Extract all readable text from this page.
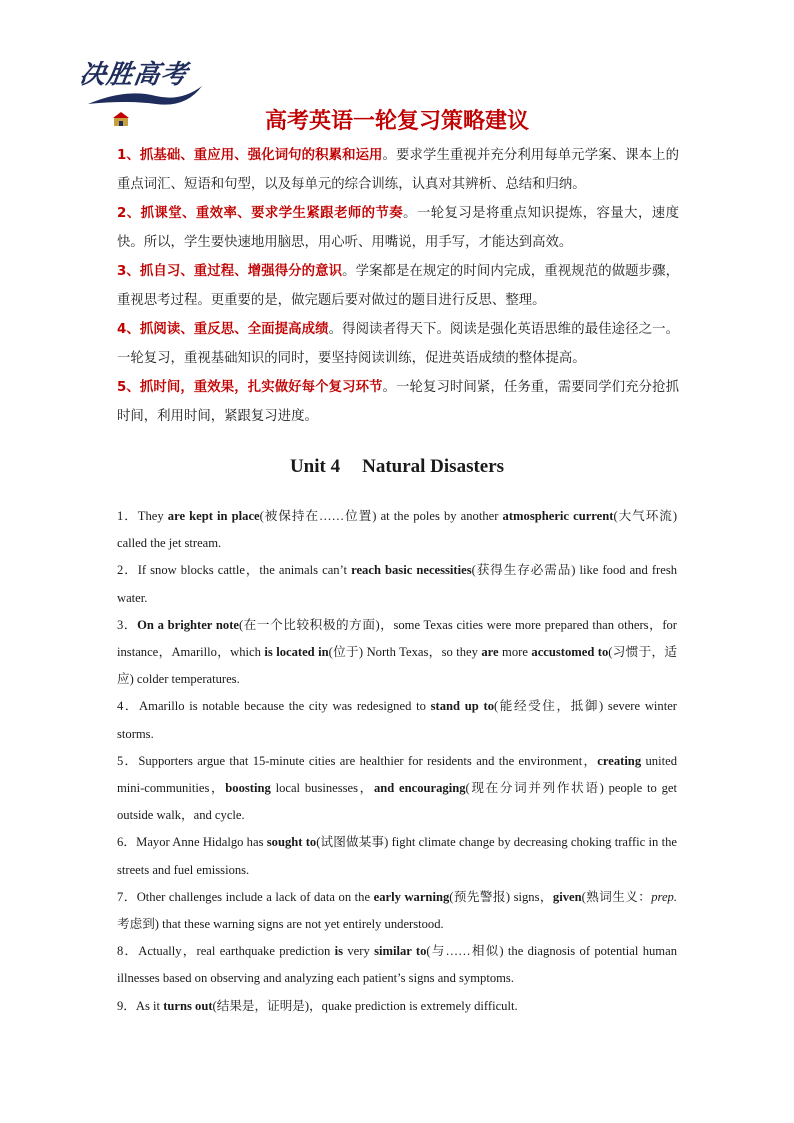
决胜高考
高考英语一轮复习策略建议

1、抓基础、重应用、强化词句的积累和运用。要求学生重视并充分利用每单元学案、课本上的重点词汇、短语和句型，以及每单元的综合训练，认真对其辨析、总结和归纳。

2、抓课堂、重效率、要求学生紧跟老师的节奏。一轮复习是将重点知识提炼，容量大，速度快。所以，学生要快速地用脑思，用心听、用嘴说，用手写，才能达到高效。

3、抓自习、重过程、增强得分的意识。学案都是在规定的时间内完成，重视规范的做题步骤，重视思考过程。更重要的是，做完题后要对做过的题目进行反思、整理。

4、抓阅读、重反思、全面提高成绩。得阅读者得天下。阅读是强化英语思维的最佳途径之一。一轮复习，重视基础知识的同时，要坚持阅读训练，促进英语成绩的整体提高。

5、抓时间，重效果，扎实做好每个复习环节。一轮复习时间紧，任务重，需要同学们充分抢抓时间，利用时间，紧跟复习进度。

Unit 4 Natural Disasters

1．They are kept in place(被保持在……位置) at the poles by another atmospheric current(大气环流) called the jet stream.

2．If snow blocks cattle，the animals can’t reach basic necessities(获得生存必需品) like food and fresh water.

3．On a brighter note(在一个比较积极的方面)，some Texas cities were more prepared than others，for instance，Amarillo，which is located in(位于) North Texas，so they are more accustomed to(习惯于，适应) colder temperatures.

4．Amarillo is notable because the city was redesigned to stand up to(能经受住，抵御) severe winter storms.

5．Supporters argue that 15-minute cities are healthier for residents and the environment，creating united mini-communities，boosting local businesses，and encouraging(现在分词并列作状语) people to get outside walk，and cycle.

6．Mayor Anne Hidalgo has sought to(试图做某事) fight climate change by decreasing choking traffic in the streets and fuel emissions.

7．Other challenges include a lack of data on the early warning(预先警报) signs，given(熟词生义：prep.考虑到) that these warning signs are not yet entirely understood.

8．Actually，real earthquake prediction is very similar to(与……相似) the diagnosis of potential human illnesses based on observing and analyzing each patient’s signs and symptoms.

9．As it turns out(结果是，证明是)，quake prediction is extremely difficult.
